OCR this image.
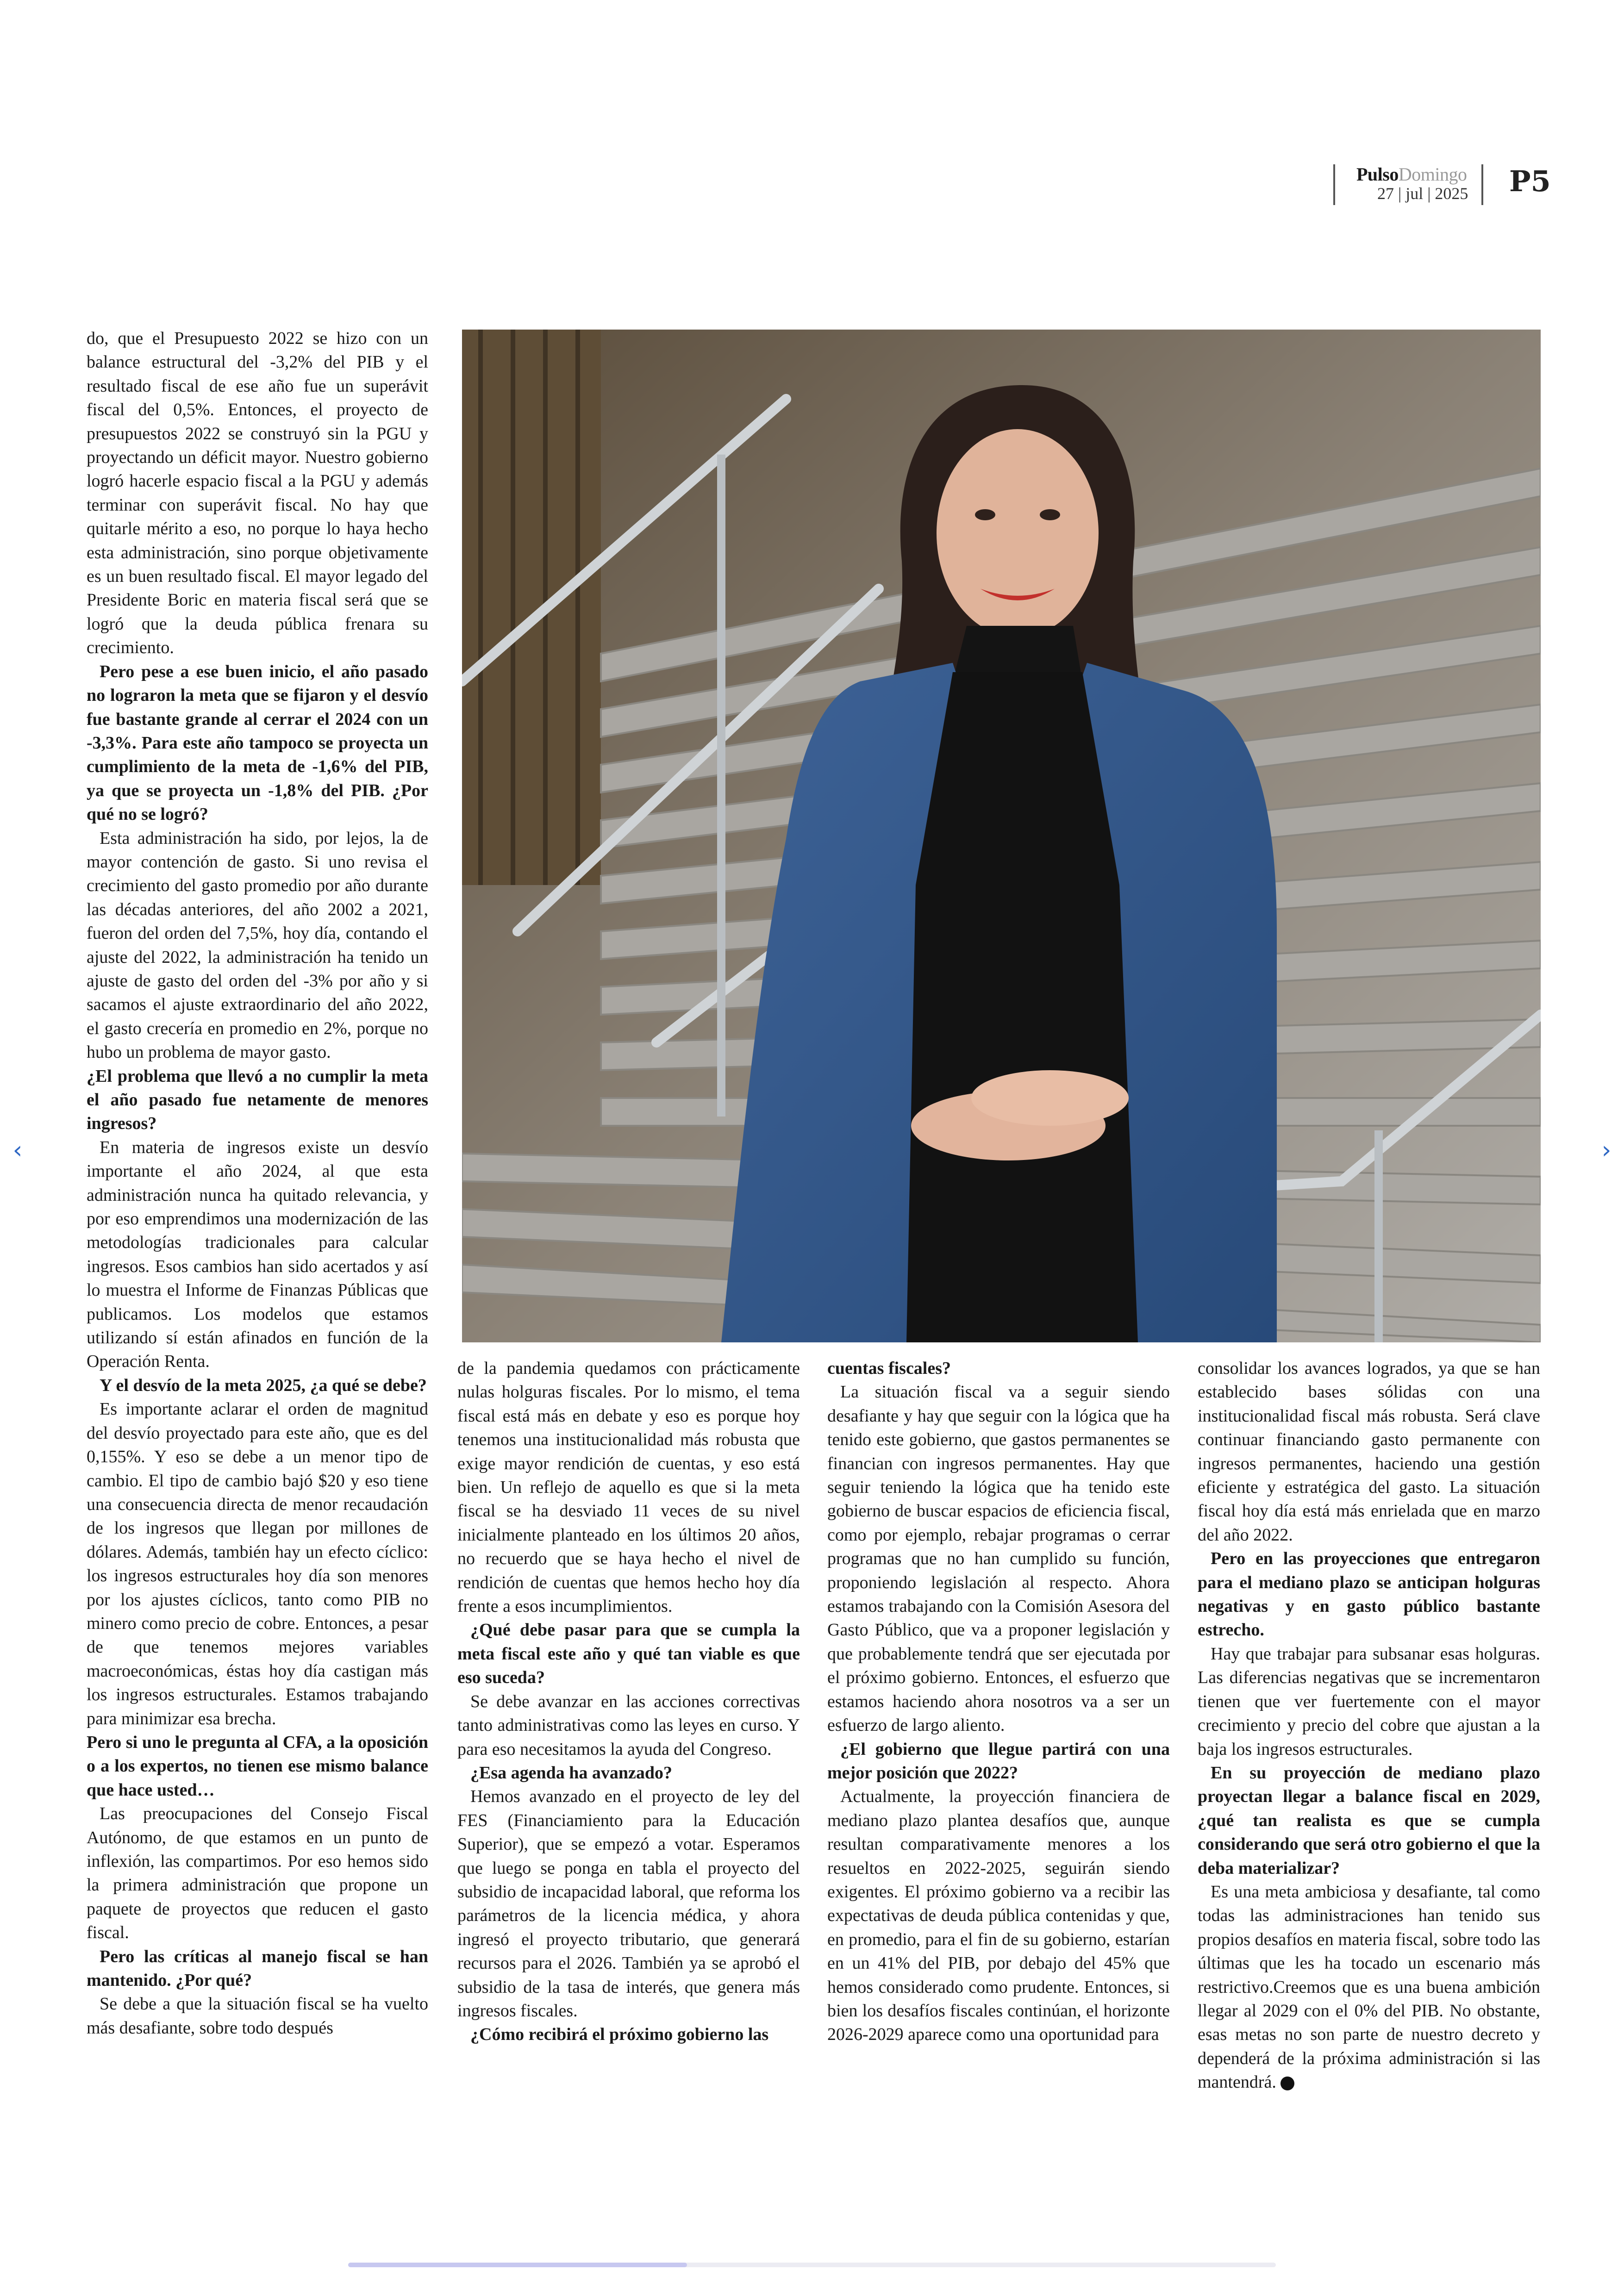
PulsoDomingo
27 | jul | 2025 P5

do, que el Presupuesto 2022 se hizo con un balance estructural del -3,2% del PIB y el resultado fiscal de ese año fue un superávit fiscal del 0,5%. Entonces, el proyecto de presupuestos 2022 se construyó sin la PGU y proyectando un déficit mayor. Nuestro gobierno logró hacerle espacio fiscal a la PGU y además terminar con superávit fiscal. No hay que quitarle mérito a eso, no porque lo haya hecho esta administración, sino porque objetivamente es un buen resultado fiscal. El mayor legado del Presidente Boric en materia fiscal será que se logró que la deuda pública frenara su crecimiento.

Pero pese a ese buen inicio, el año pasado no lograron la meta que se fijaron y el desvío fue bastante grande al cerrar el 2024 con un -3,3%. Para este año tampoco se proyecta un cumplimiento de la meta de -1,6% del PIB, ya que se proyecta un -1,8% del PIB. ¿Por qué no se logró?

Esta administración ha sido, por lejos, la de mayor contención de gasto. Si uno revisa el crecimiento del gasto promedio por año durante las décadas anteriores, del año 2002 a 2021, fueron del orden del 7,5%, hoy día, contando el ajuste del 2022, la administración ha tenido un ajuste de gasto del orden del -3% por año y si sacamos el ajuste extraordinario del año 2022, el gasto crecería en promedio en 2%, porque no hubo un problema de mayor gasto.

¿El problema que llevó a no cumplir la meta el año pasado fue netamente de menores ingresos?

En materia de ingresos existe un desvío importante el año 2024, al que esta administración nunca ha quitado relevancia, y por eso emprendimos una modernización de las metodologías tradicionales para calcular ingresos. Esos cambios han sido acertados y así lo muestra el Informe de Finanzas Públicas que publicamos. Los modelos que estamos utilizando sí están afinados en función de la Operación Renta.

Y el desvío de la meta 2025, ¿a qué se debe?

Es importante aclarar el orden de magnitud del desvío proyectado para este año, que es del 0,155%. Y eso se debe a un menor tipo de cambio. El tipo de cambio bajó $20 y eso tiene una consecuencia directa de menor recaudación de los ingresos que llegan por millones de dólares. Además, también hay un efecto cíclico: los ingresos estructurales hoy día son menores por los ajustes cíclicos, tanto como PIB no minero como precio de cobre. Entonces, a pesar de que tenemos mejores variables macroeconómicas, éstas hoy día castigan más los ingresos estructurales. Estamos trabajando para minimizar esa brecha.

Pero si uno le pregunta al CFA, a la oposición o a los expertos, no tienen ese mismo balance que hace usted…

Las preocupaciones del Consejo Fiscal Autónomo, de que estamos en un punto de inflexión, las compartimos. Por eso hemos sido la primera administración que propone un paquete de proyectos que reducen el gasto fiscal.

Pero las críticas al manejo fiscal se han mantenido. ¿Por qué?

Se debe a que la situación fiscal se ha vuelto más desafiante, sobre todo después

de la pandemia quedamos con prácticamente nulas holguras fiscales. Por lo mismo, el tema fiscal está más en debate y eso es porque hoy tenemos una institucionalidad más robusta que exige mayor rendición de cuentas, y eso está bien. Un reflejo de aquello es que si la meta fiscal se ha desviado 11 veces de su nivel inicialmente planteado en los últimos 20 años, no recuerdo que se haya hecho el nivel de rendición de cuentas que hemos hecho hoy día frente a esos incumplimientos.

¿Qué debe pasar para que se cumpla la meta fiscal este año y qué tan viable es que eso suceda?

Se debe avanzar en las acciones correctivas tanto administrativas como las leyes en curso. Y para eso necesitamos la ayuda del Congreso.

¿Esa agenda ha avanzado?

Hemos avanzado en el proyecto de ley del FES (Financiamiento para la Educación Superior), que se empezó a votar. Esperamos que luego se ponga en tabla el proyecto del subsidio de incapacidad laboral, que reforma los parámetros de la licencia médica, y ahora ingresó el proyecto tributario, que generará recursos para el 2026. También ya se aprobó el subsidio de la tasa de interés, que genera más ingresos fiscales.

¿Cómo recibirá el próximo gobierno las

cuentas fiscales?

La situación fiscal va a seguir siendo desafiante y hay que seguir con la lógica que ha tenido este gobierno, que gastos permanentes se financian con ingresos permanentes. Hay que seguir teniendo la lógica que ha tenido este gobierno de buscar espacios de eficiencia fiscal, como por ejemplo, rebajar programas o cerrar programas que no han cumplido su función, proponiendo legislación al respecto. Ahora estamos trabajando con la Comisión Asesora del Gasto Público, que va a proponer legislación y que probablemente tendrá que ser ejecutada por el próximo gobierno. Entonces, el esfuerzo que estamos haciendo ahora nosotros va a ser un esfuerzo de largo aliento.

¿El gobierno que llegue partirá con una mejor posición que 2022?

Actualmente, la proyección financiera de mediano plazo plantea desafíos que, aunque resultan comparativamente menores a los resueltos en 2022-2025, seguirán siendo exigentes. El próximo gobierno va a recibir las expectativas de deuda pública contenidas y que, en promedio, para el fin de su gobierno, estarían en un 41% del PIB, por debajo del 45% que hemos considerado como prudente. Entonces, si bien los desafíos fiscales continúan, el horizonte 2026-2029 aparece como una oportunidad para

consolidar los avances logrados, ya que se han establecido bases sólidas con una institucionalidad fiscal más robusta. Será clave continuar financiando gasto permanente con ingresos permanentes, haciendo una gestión eficiente y estratégica del gasto. La situación fiscal hoy día está más enrielada que en marzo del año 2022.

Pero en las proyecciones que entregaron para el mediano plazo se anticipan holguras negativas y en gasto público bastante estrecho.

Hay que trabajar para subsanar esas holguras. Las diferencias negativas que se incrementaron tienen que ver fuertemente con el mayor crecimiento y precio del cobre que ajustan a la baja los ingresos estructurales.

En su proyección de mediano plazo proyectan llegar a balance fiscal en 2029, ¿qué tan realista es que se cumpla considerando que será otro gobierno el que la deba materializar?

Es una meta ambiciosa y desafiante, tal como todas las administraciones han tenido sus propios desafíos en materia fiscal, sobre todo las últimas que les ha tocado un escenario más restrictivo.Creemos que es una buena ambición llegar al 2029 con el 0% del PIB. No obstante, esas metas no son parte de nuestro decreto y dependerá de la próxima administración si las mantendrá. P

‹	›
